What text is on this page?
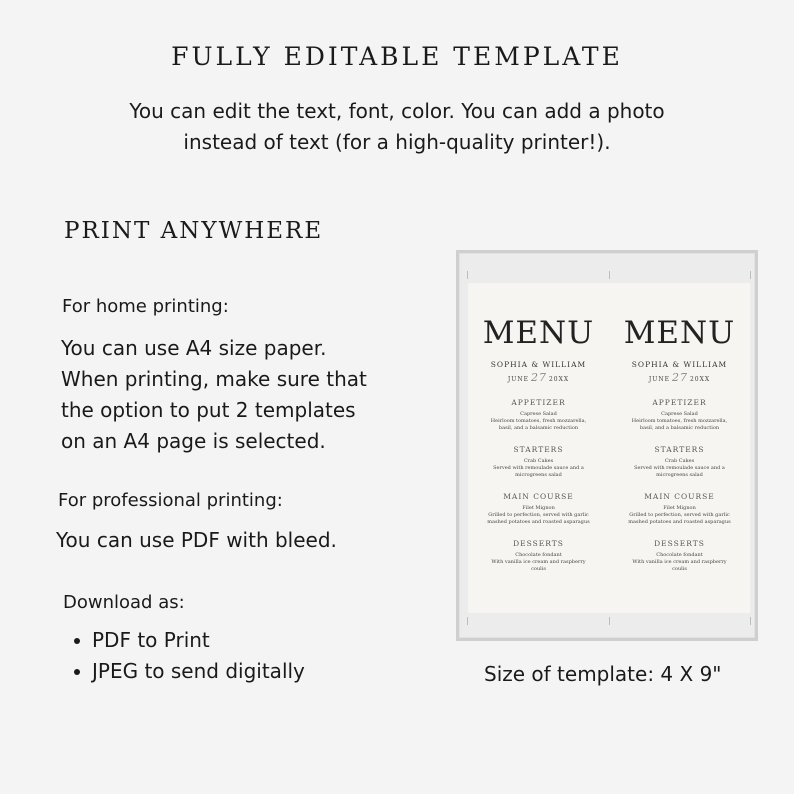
FULLY EDITABLE TEMPLATE
You can edit the text, font, color. You can add a photo
instead of text (for a high-quality printer!).
PRINT ANYWHERE
For home printing:
You can use A4 size paper.
When printing, make sure that
the option to put 2 templates
on an A4 page is selected.
For professional printing:
You can use PDF with bleed.
Download as:
PDF to Print
JPEG to send digitally
MENU
SOPHIA & WILLIAM
JUNE 27 20XX
APPETIZER
Caprese Salad
Heirloom tomatoes, fresh mozzarella,
basil, and a balsamic reduction
STARTERS
Crab Cakes
Served with remoulade sauce and a
microgreens salad
MAIN COURSE
Filet Mignon
Grilled to perfection, served with garlic
mashed potatoes and roasted asparagus
DESSERTS
Chocolate fondant
With vanilla ice cream and raspberry
coulis
MENU
SOPHIA & WILLIAM
JUNE 27 20XX
APPETIZER
Caprese Salad
Heirloom tomatoes, fresh mozzarella,
basil, and a balsamic reduction
STARTERS
Crab Cakes
Served with remoulade sauce and a
microgreens salad
MAIN COURSE
Filet Mignon
Grilled to perfection, served with garlic
mashed potatoes and roasted asparagus
DESSERTS
Chocolate fondant
With vanilla ice cream and raspberry
coulis
Size of template: 4 X 9"
